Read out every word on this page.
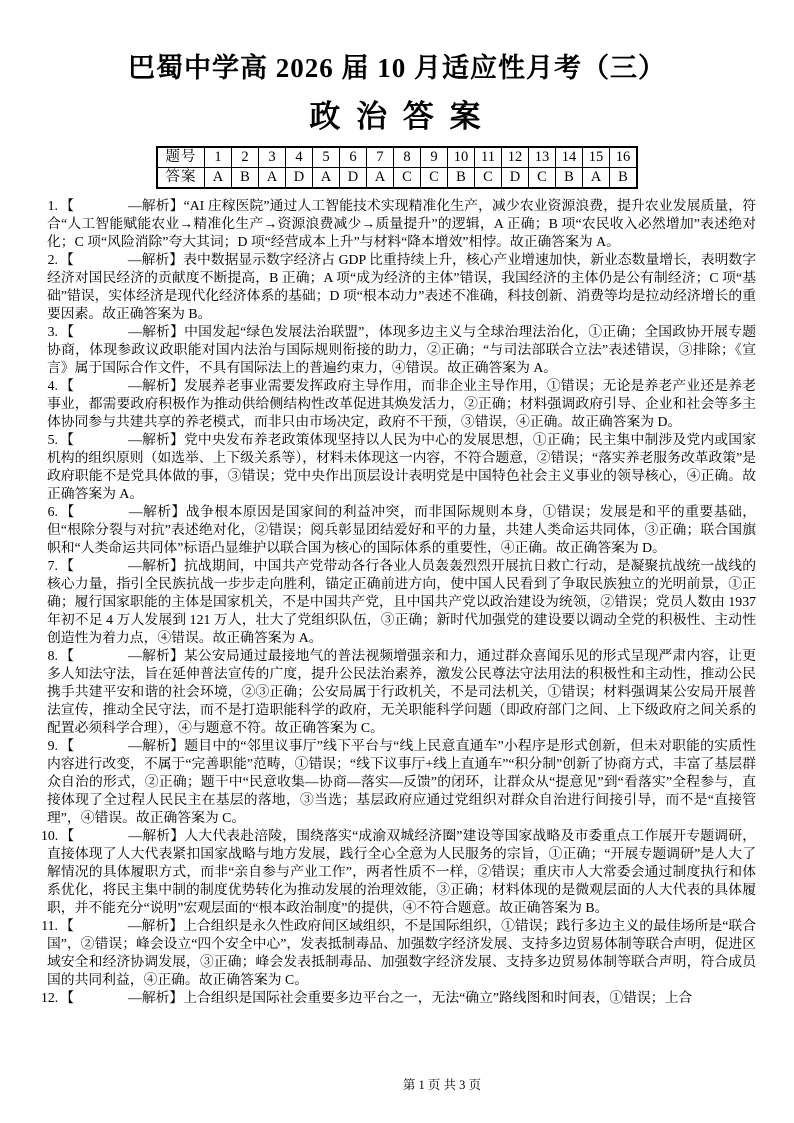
巴蜀中学高 2026 届 10 月适应性月考（三）
政 治 答 案
题号	1	2	3	4	5	6	7	8	9	10	11	12	13	14	15	16
答案	A	B	A	D	A	D	A	C	C	B	C	D	C	B	A	B

1. 【	—解析】“AI 庄稼医院”通过人工智能技术实现精准化生产，减少农业资源浪费，提升农业发展质量，符合“人工智能赋能农业→精准化生产→资源浪费减少→质量提升”的逻辑，A 正确；B 项“农民收入必然增加”表述绝对化；C 项“风险消除”夸大其词；D 项“经营成本上升”与材料“降本增效”相悖。故正确答案为 A。

2. 【	—解析】表中数据显示数字经济占 GDP 比重持续上升，核心产业增速加快，新业态数量增长，表明数字经济对国民经济的贡献度不断提高，B 正确；A 项“成为经济的主体”错误，我国经济的主体仍是公有制经济；C 项“基础”错误，实体经济是现代化经济体系的基础；D 项“根本动力”表述不准确，科技创新、消费等均是拉动经济增长的重要因素。故正确答案为 B。

3. 【	—解析】中国发起“绿色发展法治联盟”，体现多边主义与全球治理法治化，①正确；全国政协开展专题协商，体现参政议政职能对国内法治与国际规则衔接的助力，②正确；“与司法部联合立法”表述错误，③排除；《宣言》属于国际合作文件，不具有国际法上的普遍约束力，④错误。故正确答案为 A。

4. 【	—解析】发展养老事业需要发挥政府主导作用，而非企业主导作用，①错误；无论是养老产业还是养老事业，都需要政府积极作为推动供给侧结构性改革促进其焕发活力，②正确；材料强调政府引导、企业和社会等多主体协同参与共建共享的养老模式，而非只由市场决定，政府不干预，③错误，④正确。故正确答案为 D。

5. 【	—解析】党中央发布养老政策体现坚持以人民为中心的发展思想，①正确；民主集中制涉及党内或国家机构的组织原则（如选举、上下级关系等），材料未体现这一内容，不符合题意，②错误；“落实养老服务改革政策”是政府职能不是党具体做的事，③错误；党中央作出顶层设计表明党是中国特色社会主义事业的领导核心，④正确。故正确答案为 A。

6. 【	—解析】战争根本原因是国家间的利益冲突，而非国际规则本身，①错误；发展是和平的重要基础，但“根除分裂与对抗”表述绝对化，②错误；阅兵彰显团结爱好和平的力量，共建人类命运共同体，③正确；联合国旗帜和“人类命运共同体”标语凸显维护以联合国为核心的国际体系的重要性，④正确。故正确答案为 D。

7. 【	—解析】抗战期间，中国共产党带动各行各业人员轰轰烈烈开展抗日救亡行动，是凝聚抗战统一战线的核心力量，指引全民族抗战一步步走向胜利，锚定正确前进方向，使中国人民看到了争取民族独立的光明前景，①正确；履行国家职能的主体是国家机关，不是中国共产党，且中国共产党以政治建设为统领，②错误；党员人数由 1937 年初不足 4 万人发展到 121 万人，壮大了党组织队伍，③正确；新时代加强党的建设要以调动全党的积极性、主动性创造性为着力点，④错误。故正确答案为 A。

8. 【	—解析】某公安局通过最接地气的普法视频增强亲和力，通过群众喜闻乐见的形式呈现严肃内容，让更多人知法守法，旨在延伸普法宣传的广度，提升公民法治素养，激发公民尊法守法用法的积极性和主动性，推动公民携手共建平安和谐的社会环境，②③正确；公安局属于行政机关，不是司法机关，①错误；材料强调某公安局开展普法宣传，推动全民守法，而不是打造职能科学的政府，无关职能科学问题（即政府部门之间、上下级政府之间关系的配置必须科学合理），④与题意不符。故正确答案为 C。

9. 【	—解析】题目中的“邻里议事厅”线下平台与“线上民意直通车”小程序是形式创新，但未对职能的实质性内容进行改变，不属于“完善职能”范畴，①错误；“线下议事厅+线上直通车”“积分制”创新了协商方式，丰富了基层群众自治的形式，②正确；题干中“民意收集—协商—落实—反馈”的闭环，让群众从“提意见”到“看落实”全程参与，直接体现了全过程人民民主在基层的落地，③当选；基层政府应通过党组织对群众自治进行间接引导，而不是“直接管理”，④错误。故正确答案为 C。

10. 【	—解析】人大代表赴涪陵，围绕落实“成渝双城经济圈”建设等国家战略及市委重点工作展开专题调研，直接体现了人大代表紧扣国家战略与地方发展，践行全心全意为人民服务的宗旨，①正确；“开展专题调研”是人大了解情况的具体履职方式，而非“亲自参与产业工作”，两者性质不一样，②错误；重庆市人大常委会通过制度执行和体系优化，将民主集中制的制度优势转化为推动发展的治理效能，③正确；材料体现的是微观层面的人大代表的具体履职，并不能充分“说明”宏观层面的“根本政治制度”的提供，④不符合题意。故正确答案为 B。

11. 【	—解析】上合组织是永久性政府间区域组织，不是国际组织，①错误；践行多边主义的最佳场所是“联合国”，②错误；峰会设立“四个安全中心”，发表抵制毒品、加强数字经济发展、支持多边贸易体制等联合声明，促进区域安全和经济协调发展，③正确；峰会发表抵制毒品、加强数字经济发展、支持多边贸易体制等联合声明，符合成员国的共同利益，④正确。故正确答案为 C。

12. 【	—解析】上合组织是国际社会重要多边平台之一，无法“确立”路线图和时间表，①错误；上合

第 1 页 共 3 页
